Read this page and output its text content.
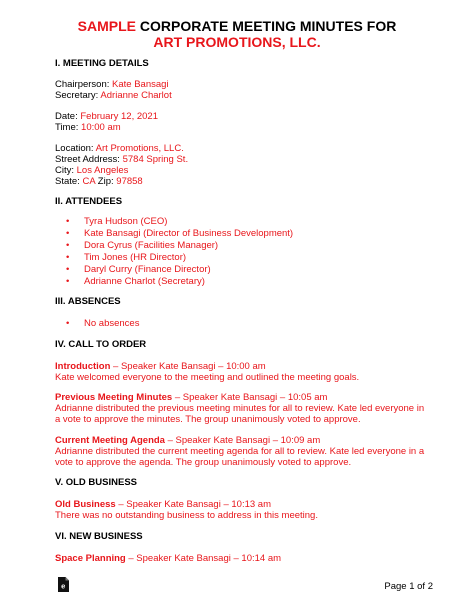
SAMPLE CORPORATE MEETING MINUTES FOR
ART PROMOTIONS, LLC.
I. MEETING DETAILS
Chairperson: Kate Bansagi
Secretary: Adrianne Charlot
Date: February 12, 2021
Time: 10:00 am
Location: Art Promotions, LLC.
Street Address: 5784 Spring St.
City: Los Angeles
State: CA Zip: 97858
II. ATTENDEES
• Tyra Hudson (CEO)
• Kate Bansagi (Director of Business Development)
• Dora Cyrus (Facilities Manager)
• Tim Jones (HR Director)
• Daryl Curry (Finance Director)
• Adrianne Charlot (Secretary)
III. ABSENCES
• No absences
IV. CALL TO ORDER
Introduction – Speaker Kate Bansagi – 10:00 am
Kate welcomed everyone to the meeting and outlined the meeting goals.
Previous Meeting Minutes – Speaker Kate Bansagi – 10:05 am
Adrianne distributed the previous meeting minutes for all to review. Kate led everyone in
a vote to approve the minutes. The group unanimously voted to approve.
Current Meeting Agenda – Speaker Kate Bansagi – 10:09 am
Adrianne distributed the current meeting agenda for all to review. Kate led everyone in a
vote to approve the agenda. The group unanimously voted to approve.
V. OLD BUSINESS
Old Business – Speaker Kate Bansagi – 10:13 am
There was no outstanding business to address in this meeting.
VI. NEW BUSINESS
Space Planning – Speaker Kate Bansagi – 10:14 am
e	Page 1 of 2
